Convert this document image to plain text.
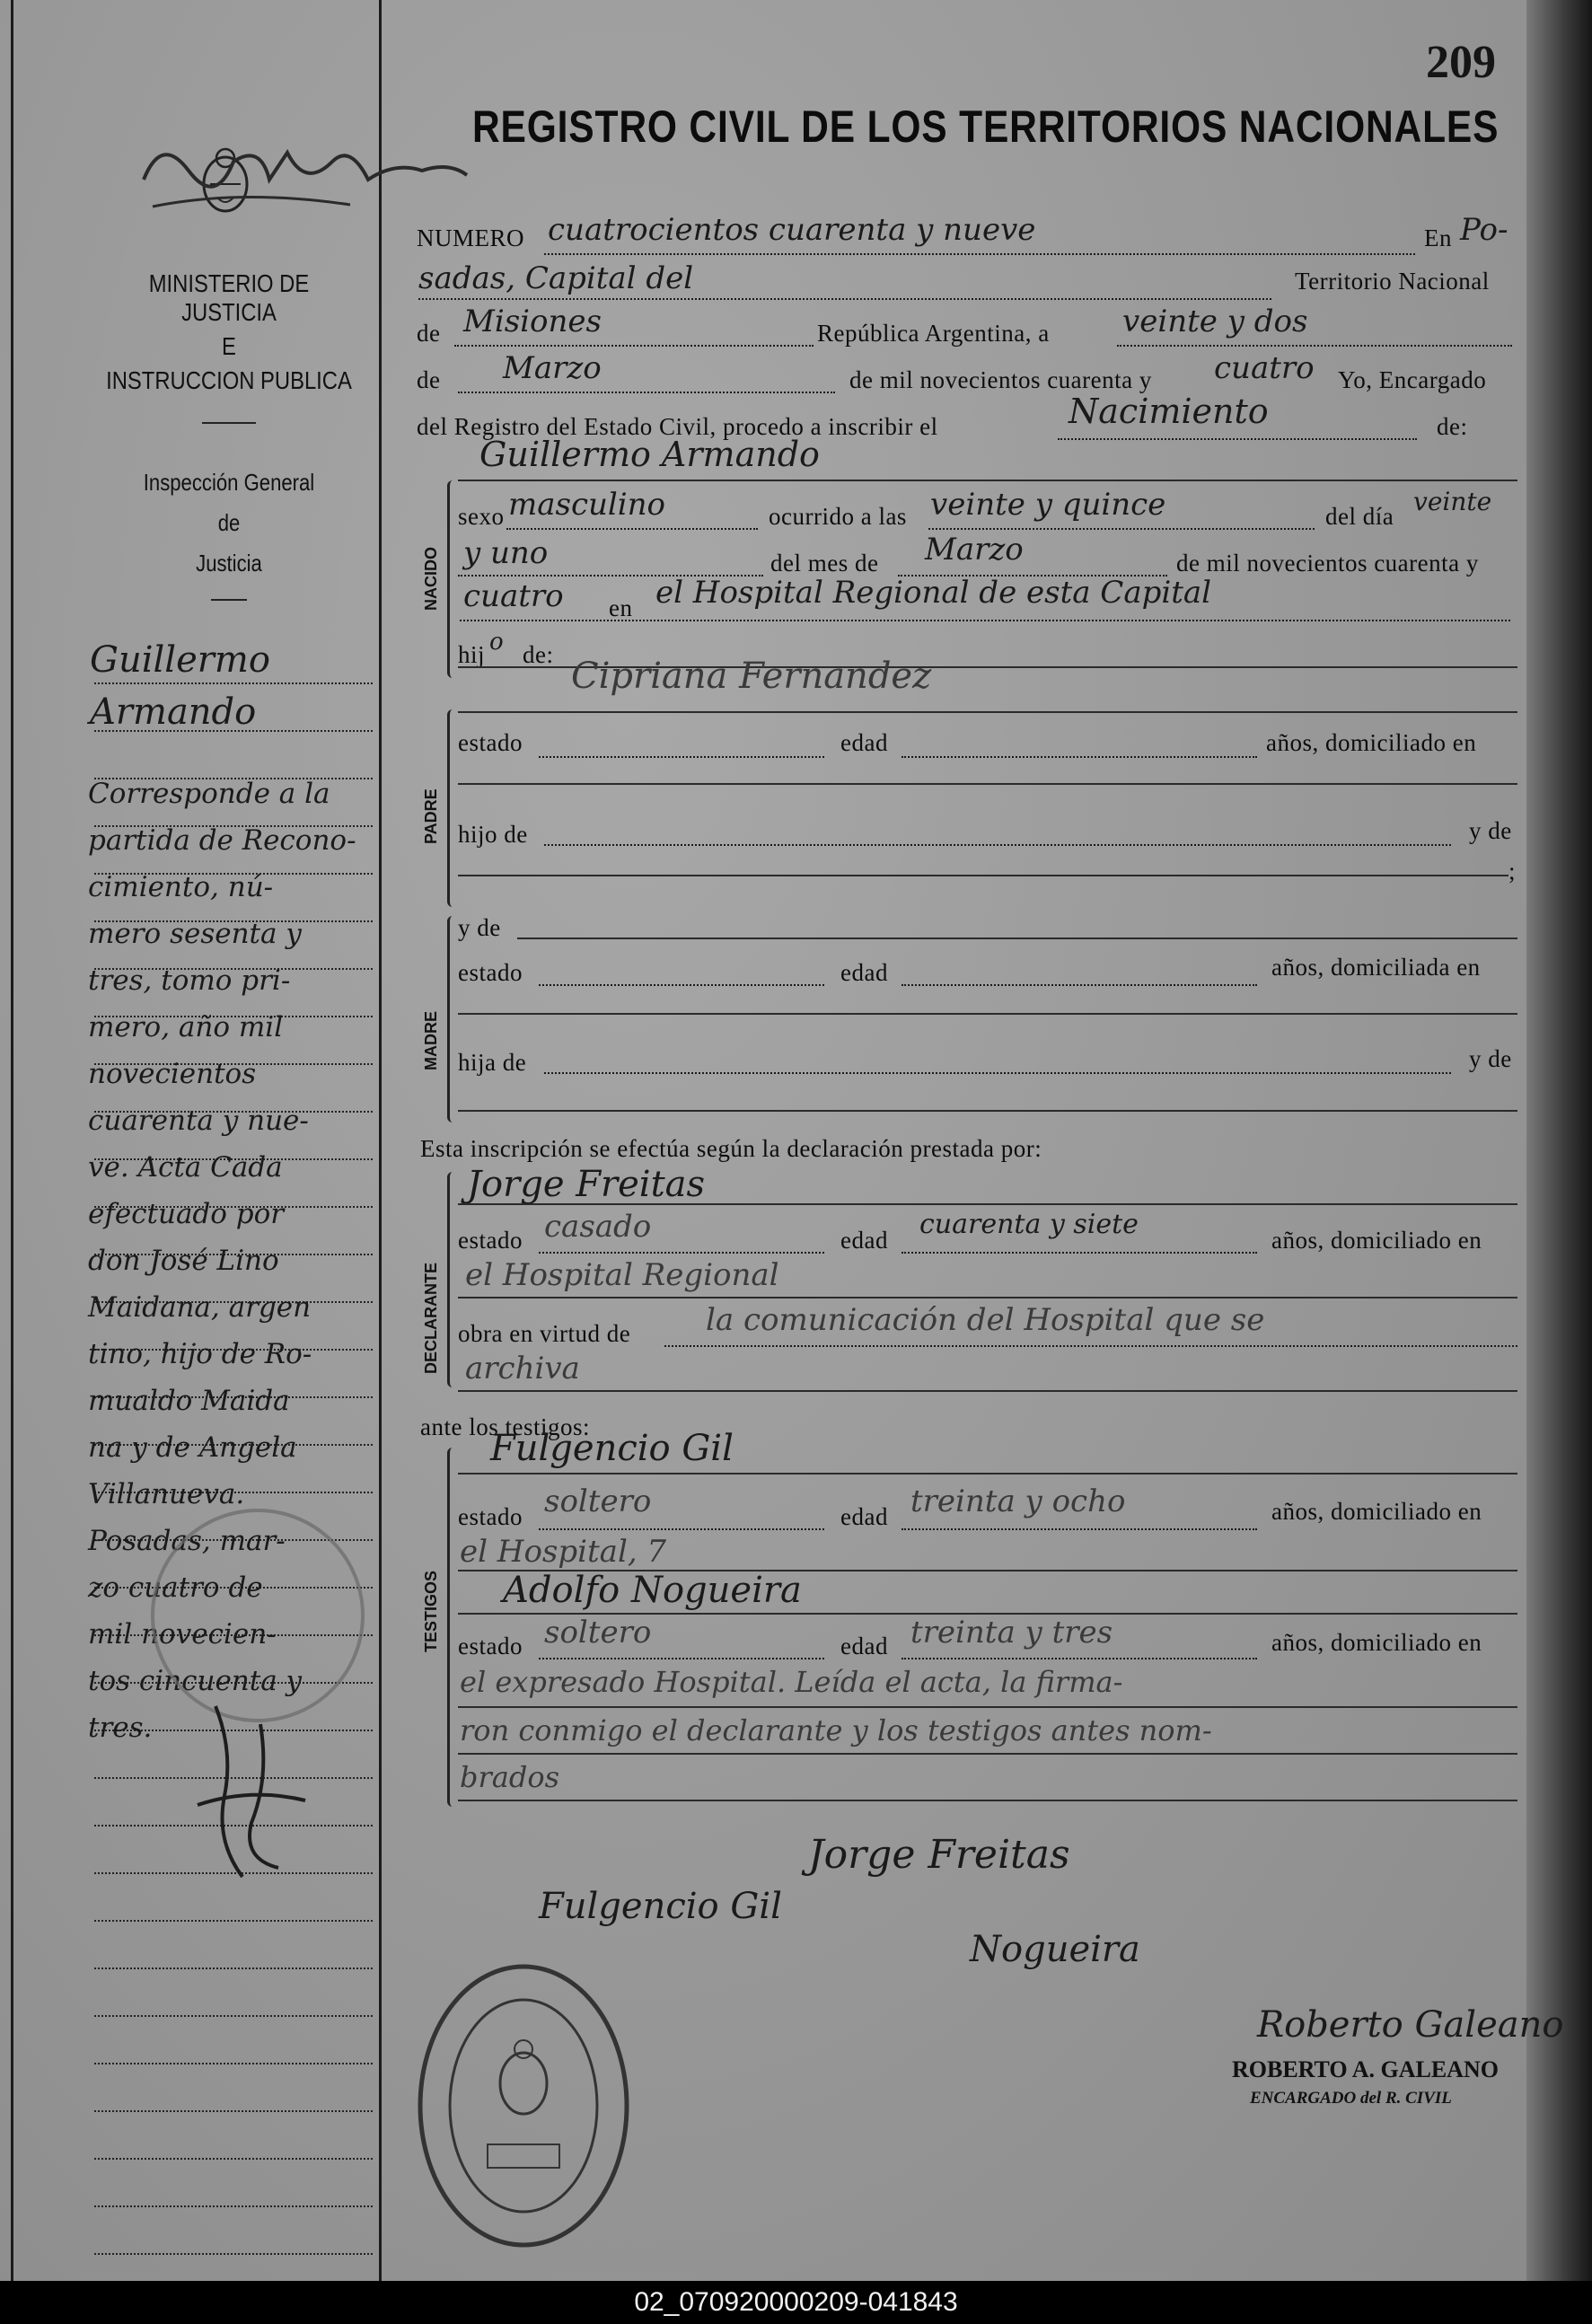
209
REGISTRO CIVIL DE LOS TERRITORIOS NACIONALES
MINISTERIO DE JUSTICIA
E
INSTRUCCION PUBLICA
Inspección General
de
Justicia
Guillermo
Armando
Corresponde a la
partida de Recono-
cimiento, nú-
mero sesenta y
tres, tomo pri-
mero, año mil
novecientos
cuarenta y nue-
ve. Acta Cada
efectuado por
don José Lino
Maidana, argen
tino, hijo de Ro-
mualdo Maida
na y de Angela
Villanueva.
Posadas, mar-
zo cuatro de
mil novecien-
tos cincuenta y
tres.
NUMERO cuatrocientos cuarenta y nueve	En Po-
sadas, Capital del	Territorio Nacional
de Misiones	República Argentina, a veinte y dos
de Marzo	de mil novecientos cuarenta y cuatro Yo, Encargado
del Registro del Estado Civil, procedo a inscribir el	Nacimiento	de:
NACIDO
Guillermo Armando
sexo masculino	ocurrido a las veinte y quince	del día veinte
y uno	del mes de Marzo	de mil novecientos cuarenta y
cuatro en el Hospital Regional de esta Capital
hij o de:
Cipriana Fernandez
PADRE
estado	edad	años, domiciliado en
hijo de	y de
;
MADRE
y de
estado	edad	años, domiciliada en
hija de	y de
Esta inscripción se efectúa según la declaración prestada por:
DECLARANTE
Jorge Freitas
estado casado	edad cuarenta y siete	años, domiciliado en
el Hospital Regional
obra en virtud de la comunicación del Hospital que se
archiva
ante los testigos:
TESTIGOS
Fulgencio Gil
estado soltero	edad treinta y ocho	años, domiciliado en
el Hospital, 7
Adolfo Nogueira
estado soltero	edad treinta y tres	años, domiciliado en
el expresado Hospital. Leída el acta, la firma-
ron conmigo el declarante y los testigos antes nom-
brados
Jorge Freitas
Fulgencio Gil
Nogueira
Roberto Galeano
ROBERTO A. GALEANO
ENCARGADO del R. CIVIL
02_070920000209-041843
